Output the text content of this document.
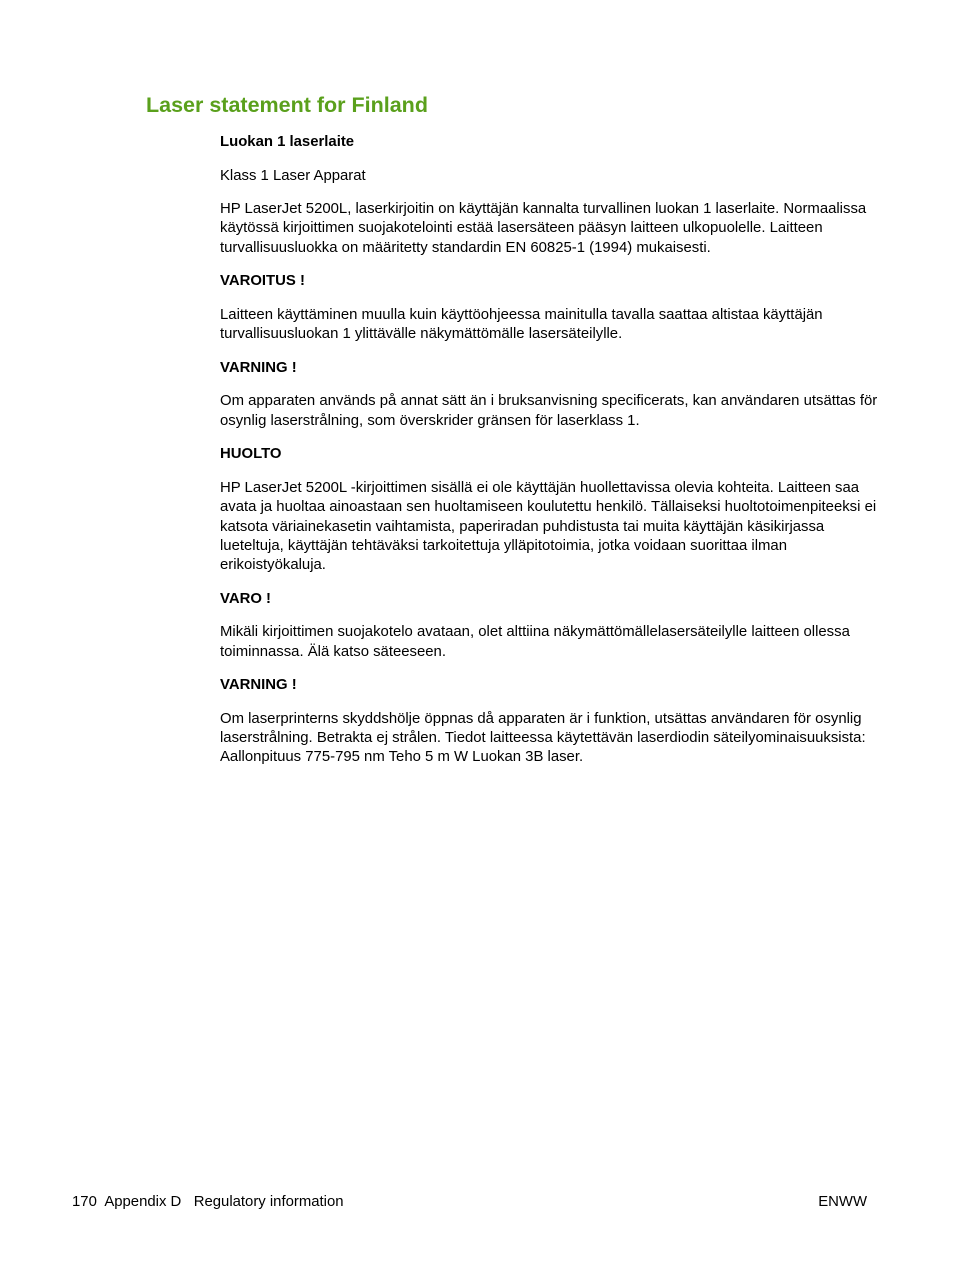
Laser statement for Finland

Luokan 1 laserlaite

Klass 1 Laser Apparat

HP LaserJet 5200L, laserkirjoitin on käyttäjän kannalta turvallinen luokan 1 laserlaite. Normaalissa käytössä kirjoittimen suojakotelointi estää lasersäteen pääsyn laitteen ulkopuolelle. Laitteen turvallisuusluokka on määritetty standardin EN 60825-1 (1994) mukaisesti.

VAROITUS !

Laitteen käyttäminen muulla kuin käyttöohjeessa mainitulla tavalla saattaa altistaa käyttäjän turvallisuusluokan 1 ylittävälle näkymättömälle lasersäteilylle.

VARNING !

Om apparaten används på annat sätt än i bruksanvisning specificerats, kan användaren utsättas för osynlig laserstrålning, som överskrider gränsen för laserklass 1.

HUOLTO

HP LaserJet 5200L -kirjoittimen sisällä ei ole käyttäjän huollettavissa olevia kohteita. Laitteen saa avata ja huoltaa ainoastaan sen huoltamiseen koulutettu henkilö. Tällaiseksi huoltotoimenpiteeksi ei katsota väriainekasetin vaihtamista, paperiradan puhdistusta tai muita käyttäjän käsikirjassa lueteltuja, käyttäjän tehtäväksi tarkoitettuja ylläpitotoimia, jotka voidaan suorittaa ilman erikoistyökaluja.

VARO !

Mikäli kirjoittimen suojakotelo avataan, olet alttiina näkymättömällelasersäteilylle laitteen ollessa toiminnassa. Älä katso säteeseen.

VARNING !

Om laserprinterns skyddshölje öppnas då apparaten är i funktion, utsättas användaren för osynlig laserstrålning. Betrakta ej strålen. Tiedot laitteessa käytettävän laserdiodin säteilyominaisuuksista: Aallonpituus 775-795 nm Teho 5 m W Luokan 3B laser.

170 Appendix D Regulatory information	ENWW
